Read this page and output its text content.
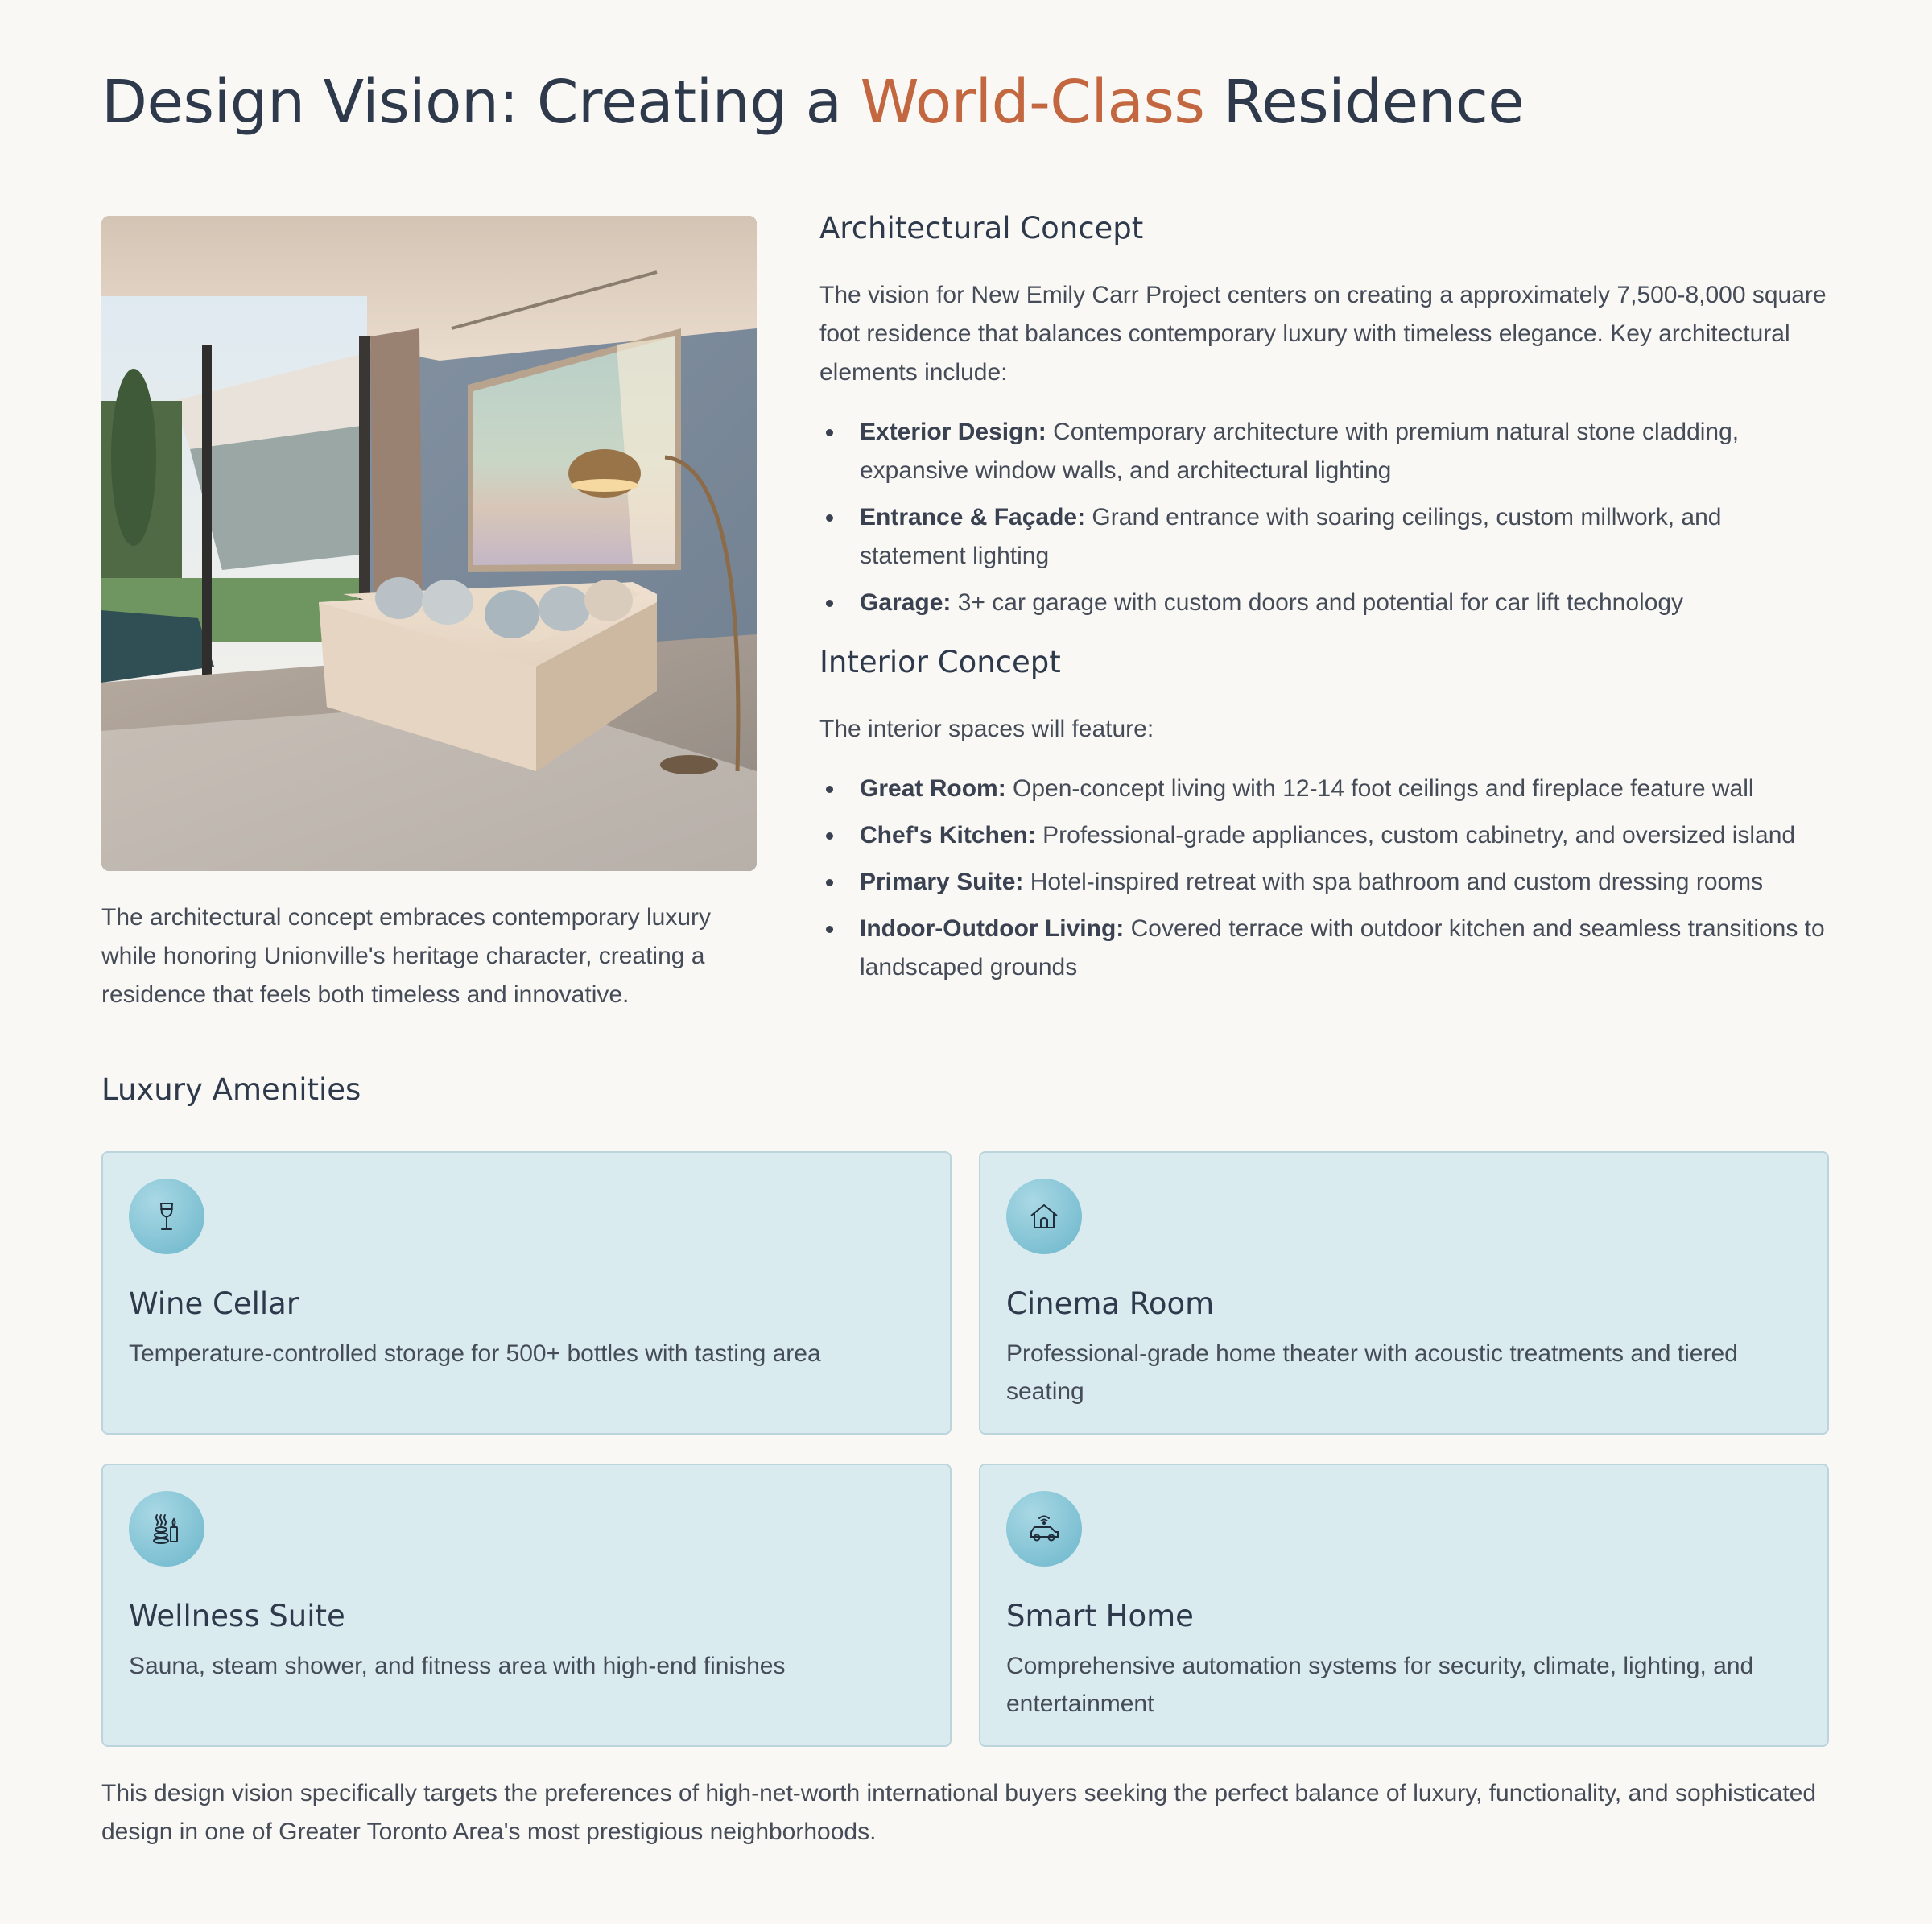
Design Vision: Creating a World-Class Residence

The architectural concept embraces contemporary luxury while honoring Unionville's heritage character, creating a residence that feels both timeless and innovative.

Architectural Concept

The vision for New Emily Carr Project centers on creating a approximately 7,500-8,000 square foot residence that balances contemporary luxury with timeless elegance. Key architectural elements include:

Exterior Design: Contemporary architecture with premium natural stone cladding, expansive window walls, and architectural lighting
Entrance & Façade: Grand entrance with soaring ceilings, custom millwork, and statement lighting
Garage: 3+ car garage with custom doors and potential for car lift technology
Interior Concept

The interior spaces will feature:

Great Room: Open-concept living with 12-14 foot ceilings and fireplace feature wall
Chef's Kitchen: Professional-grade appliances, custom cabinetry, and oversized island
Primary Suite: Hotel-inspired retreat with spa bathroom and custom dressing rooms
Indoor-Outdoor Living: Covered terrace with outdoor kitchen and seamless transitions to landscaped grounds
Luxury Amenities
Wine Cellar

Temperature-controlled storage for 500+ bottles with tasting area

Cinema Room

Professional-grade home theater with acoustic treatments and tiered seating

Wellness Suite

Sauna, steam shower, and fitness area with high-end finishes

Smart Home

Comprehensive automation systems for security, climate, lighting, and entertainment

This design vision specifically targets the preferences of high-net-worth international buyers seeking the perfect balance of luxury, functionality, and sophisticated design in one of Greater Toronto Area's most prestigious neighborhoods.
